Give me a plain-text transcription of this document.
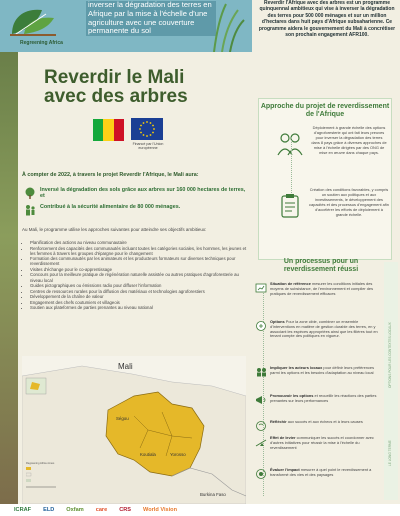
Regreening Africa
inverser la dégradation des terres en Afrique par la mise à l'échelle d'une agriculture avec une couverture permanente du sol
Reverdir le Mali
avec des arbres
Financé par l'Union européenne
À compter de 2022, à travers le projet Reverdir l'Afrique, le Mali aura:
Inversé la dégradation des sols grâce aux arbres sur 160 000 hectares de terres, et
Contribué à la sécurité alimentaire de 80 000 ménages.
Au Mali, le programme utilise les approches suivantes pour atteindre ses objectifs ambitieux:
• Planification des actions au niveau communautaire
• Renforcement des capacités des communautés incluant toutes les catégories sociales, les hommes, les jeunes et les femmes à travers les groupes d'épargne pour le changement
• Formation des communautés par les animateurs et les producteurs formateurs sur diverses techniques pour reverdissement
• Visites d'échange pour le co-apprentissage
• Concours pour la meilleure pratique de régénération naturelle assistée ou autres pratiques d'agroforesterie au niveau local
• Guides pictographiques ou émissions radio pour diffuser l'information
• Centres de ressources rurales pour la diffusion des matériaux et technologies agroforestiers
• Développement de la chaîne de valeur
• Engagement des chefs coutumiers et villageois
• Soutien aux plateformes de parties prenantes au niveau national
Mali
Ségou
Koutiala	Yorosso
Burkina Faso
Regreening Africa zones
Reverdir l'Afrique avec des arbres est un programme quinquennal ambitieux qui vise à inverser la dégradation des terres pour 500 000 ménages et sur un million d'hectares dans huit pays d'Afrique subsaharienne. Ce programme aidera le gouvernement du Mali à concrétiser son prochain engagement AFR100.
Approche du projet de reverdissement de l'Afrique
Déploiement à grande échelle des options d'agroforesterie qui ont fait leurs preuves pour inverser la dégradation des terres dans 8 pays grâce à diverses approches de mise à l'échelle dirigées par des ONG de mise en œuvre dans chaque pays.
Création des conditions favorables, y compris un soutien aux politiques et aux investissements, le développement des capacités et des processus d'engagement afin d'accélérer les efforts de déploiement à grande échelle.
Un processus pour un reverdissement réussi
Situation de référence mesurer les conditions initiales des moyens de subsistance, de l'environnement et compiler des pratiques de reverdissement efficaces
Options Pour la zone cible, combiner un ensemble d'interventions en matière de gestion durable des terres, en y associant les espèces appropriées ainsi que les filières tout en tenant compte des politiques en vigueur.
Impliquer les acteurs locaux pour définir leurs préférences parmi les options et les besoins d'adaptation au niveau local
Promouvoir les options et recueillir les réactions des parties prenantes sur leurs performances
Réfléchir aux succès et aux échecs et à leurs causes
Effet de levier communiquer les succès et coordonner avec d'autres initiatives pour réussir la mise à l'échelle du reverdissement
Évaluer l'impact mesurer à quel point le reverdissement a transformé des vies et des paysages
OPTIONS POUR LES CONTEXTES LOCAUX
LE LONG TERME
ICRAF ELD Oxfam care CRS World Vision
